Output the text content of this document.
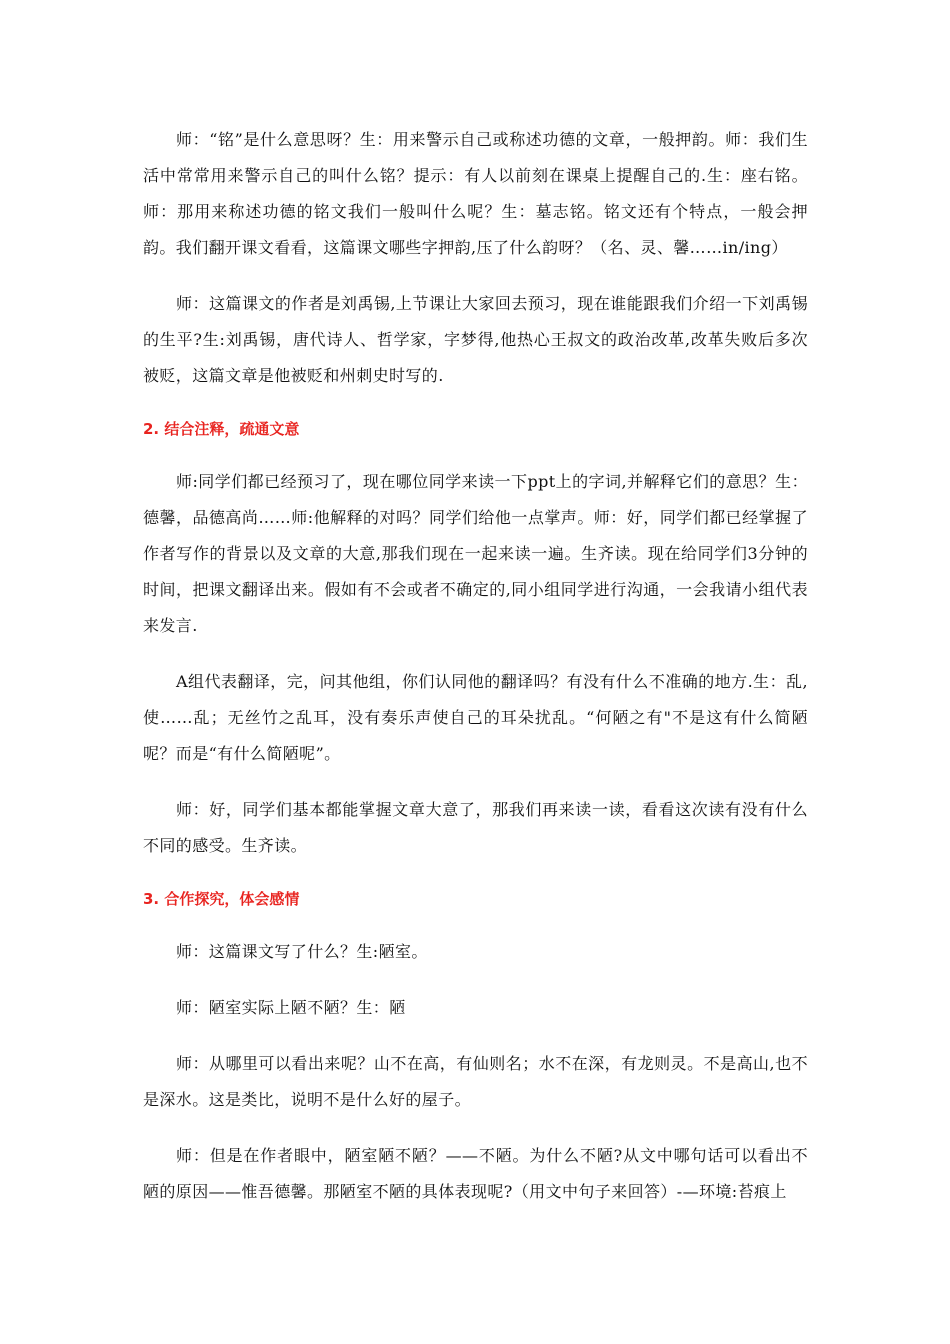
师：“铭”是什么意思呀？生：用来警示自己或称述功德的文章，一般押韵。师：我们生活中常常用来警示自己的叫什么铭？提示：有人以前刻在课桌上提醒自己的.生：座右铭。师：那用来称述功德的铭文我们一般叫什么呢？生：墓志铭。铭文还有个特点，一般会押韵。我们翻开课文看看，这篇课文哪些字押韵,压了什么韵呀？（名、灵、馨……in/ing）

师：这篇课文的作者是刘禹锡,上节课让大家回去预习，现在谁能跟我们介绍一下刘禹锡的生平?生:刘禹锡，唐代诗人、哲学家，字梦得,他热心王叔文的政治改革,改革失败后多次被贬，这篇文章是他被贬和州刺史时写的.

2. 结合注释，疏通文意

师:同学们都已经预习了，现在哪位同学来读一下ppt上的字词,并解释它们的意思？生：德馨，品德高尚……师:他解释的对吗？同学们给他一点掌声。师：好，同学们都已经掌握了作者写作的背景以及文章的大意,那我们现在一起来读一遍。生齐读。现在给同学们3分钟的时间，把课文翻译出来。假如有不会或者不确定的,同小组同学进行沟通，一会我请小组代表来发言.

A组代表翻译，完，问其他组，你们认同他的翻译吗？有没有什么不准确的地方.生：乱,使……乱；无丝竹之乱耳，没有奏乐声使自己的耳朵扰乱。“何陋之有"不是这有什么简陋呢？而是“有什么简陋呢”。

师：好，同学们基本都能掌握文章大意了，那我们再来读一读，看看这次读有没有什么不同的感受。生齐读。

3. 合作探究，体会感情

师：这篇课文写了什么？生:陋室。

师：陋室实际上陋不陋？生：陋

师：从哪里可以看出来呢？山不在高，有仙则名；水不在深，有龙则灵。不是高山,也不是深水。这是类比，说明不是什么好的屋子。

师：但是在作者眼中，陋室陋不陋？——不陋。为什么不陋?从文中哪句话可以看出不陋的原因——惟吾德馨。那陋室不陋的具体表现呢?（用文中句子来回答）-—环境:苔痕上
